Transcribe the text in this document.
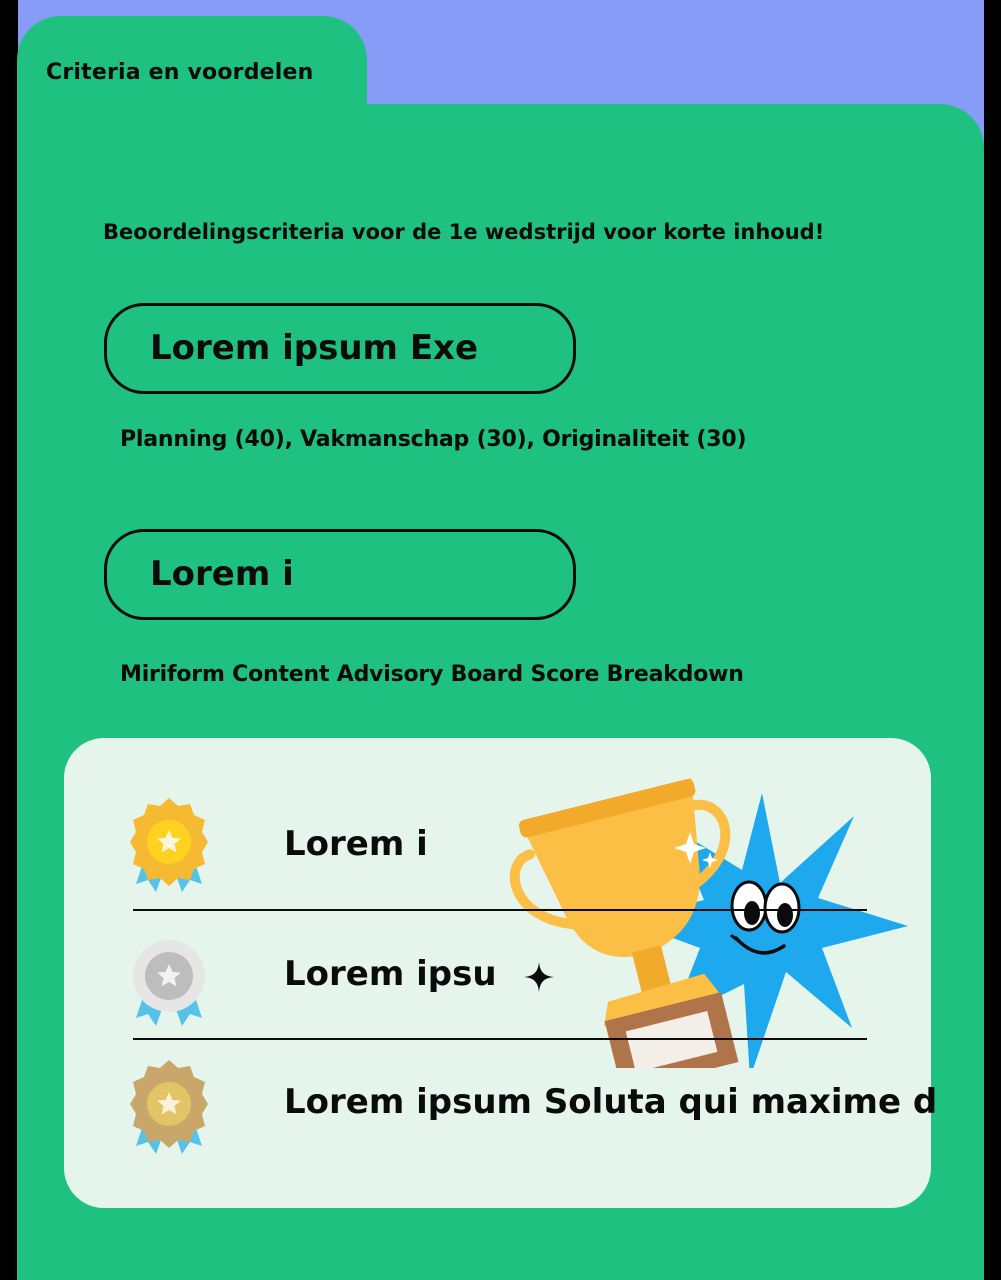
Criteria en voordelen
Beoordelingscriteria voor de 1e wedstrijd voor korte inhoud!
Lorem ipsum Exe
Planning (40), Vakmanschap (30), Originaliteit (30)
Lorem i
Miriform Content Advisory Board Score Breakdown
Lorem i
Lorem ipsu
Lorem ipsum Soluta qui maxime d
